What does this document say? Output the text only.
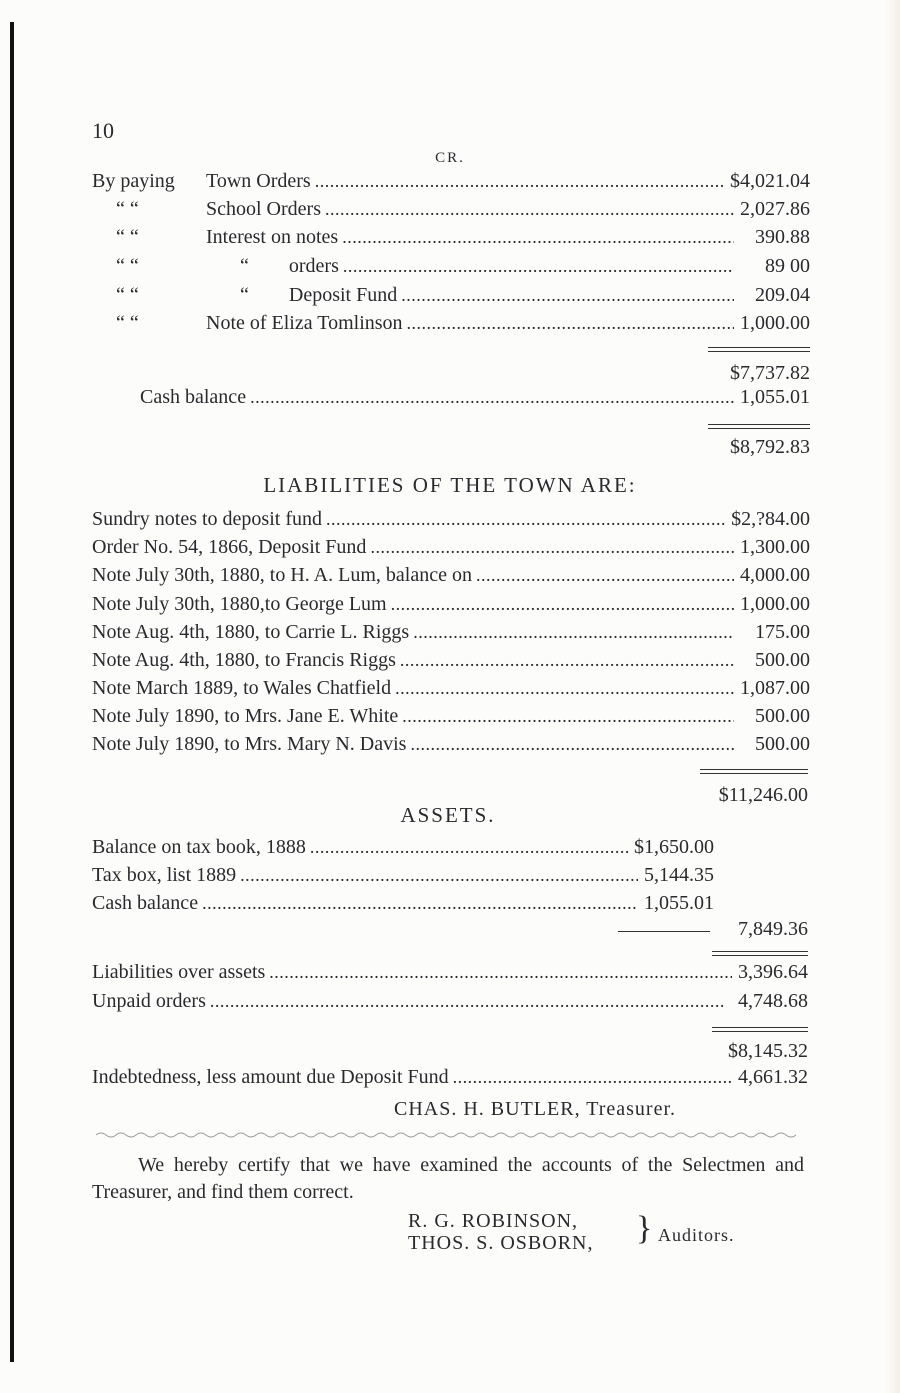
10
CR.
By paying	Town Orders . . .	$4,021.04
“ “	School Orders . . .	2,027.86
“ “	Interest on notes . . .	390.88
“ “	“        orders . . .	89 00
“ “	“        Deposit Fund . . .	209.04
“ “	Note of Eliza Tomlinson . . .	1,000.00
$7,737.82
Cash balance . . .	1,055.01
$8,792.83
LIABILITIES OF THE TOWN ARE:
Sundry notes to deposit fund . . .	$2,?84.00
Order No. 54, 1866, Deposit Fund . . .	1,300.00
Note July 30th, 1880, to H. A. Lum, balance on . . .	4,000.00
Note July 30th, 1880,to George Lum . . .	1,000.00
Note Aug. 4th, 1880, to Carrie L. Riggs . . .	175.00
Note Aug. 4th, 1880, to Francis Riggs . . .	500.00
Note March 1889, to Wales Chatfield . . .	1,087.00
Note July 1890, to Mrs. Jane E. White . . .	500.00
Note July 1890, to Mrs. Mary N. Davis . . .	500.00
$11,246.00
ASSETS.
Balance on tax book, 1888 . . .	$1,650.00
Tax box, list 1889 . . .	5,144.35
Cash balance . . .	1,055.01
7,849.36
Liabilities over assets . . .	3,396.64
Unpaid orders . . .	4,748.68
$8,145.32
Indebtedness, less amount due Deposit Fund . . .	4,661.32
CHAS. H. BUTLER, Treasurer.
We hereby certify that we have examined the accounts of the Selectmen and Treasurer, and find them correct.
R. G. ROBINSON,
THOS. S. OSBORN, } Auditors.
